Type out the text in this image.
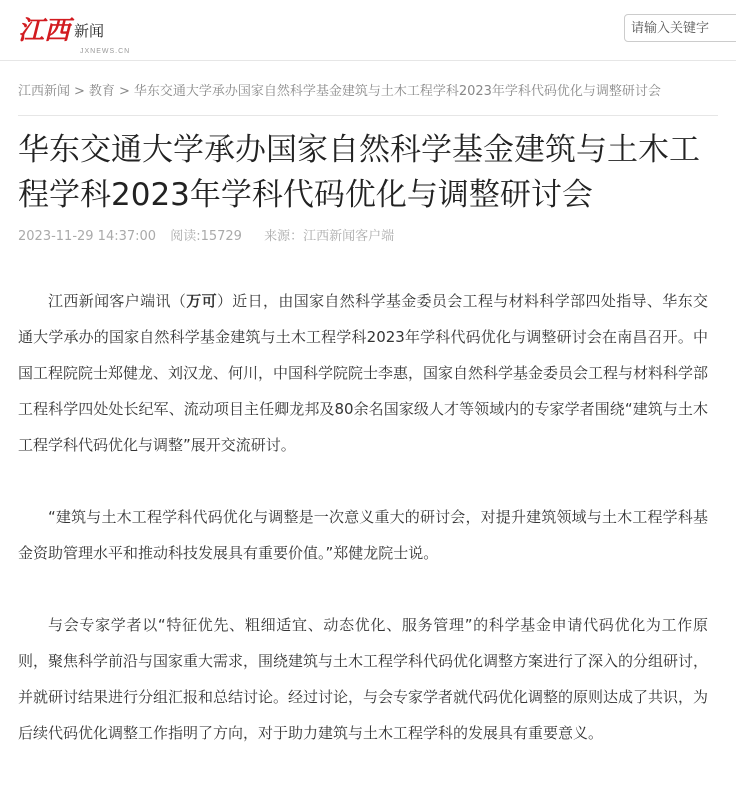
江西 新闻
JXNEWS.CN
请输入关键字
江西新闻 > 教育 > 华东交通大学承办国家自然科学基金建筑与土木工程学科2023年学科代码优化与调整研讨会
华东交通大学承办国家自然科学基金建筑与土木工程学科2023年学科代码优化与调整研讨会
2023-11-29 14:37:00 阅读:15729 来源：江西新闻客户端

江西新闻客户端讯（万可）近日，由国家自然科学基金委员会工程与材料科学部四处指导、华东交通大学承办的国家自然科学基金建筑与土木工程学科2023年学科代码优化与调整研讨会在南昌召开。中国工程院院士郑健龙、刘汉龙、何川，中国科学院院士李惠，国家自然科学基金委员会工程与材料科学部工程科学四处处长纪军、流动项目主任卿龙邦及80余名国家级人才等领域内的专家学者围绕“建筑与土木工程学科代码优化与调整”展开交流研讨。

“建筑与土木工程学科代码优化与调整是一次意义重大的研讨会，对提升建筑领域与土木工程学科基金资助管理水平和推动科技发展具有重要价值。”郑健龙院士说。

与会专家学者以“特征优先、粗细适宜、动态优化、服务管理”的科学基金申请代码优化为工作原则，聚焦科学前沿与国家重大需求，围绕建筑与土木工程学科代码优化调整方案进行了深入的分组研讨，并就研讨结果进行分组汇报和总结讨论。经过讨论，与会专家学者就代码优化调整的原则达成了共识，为后续代码优化调整工作指明了方向，对于助力建筑与土木工程学科的发展具有重要意义。
